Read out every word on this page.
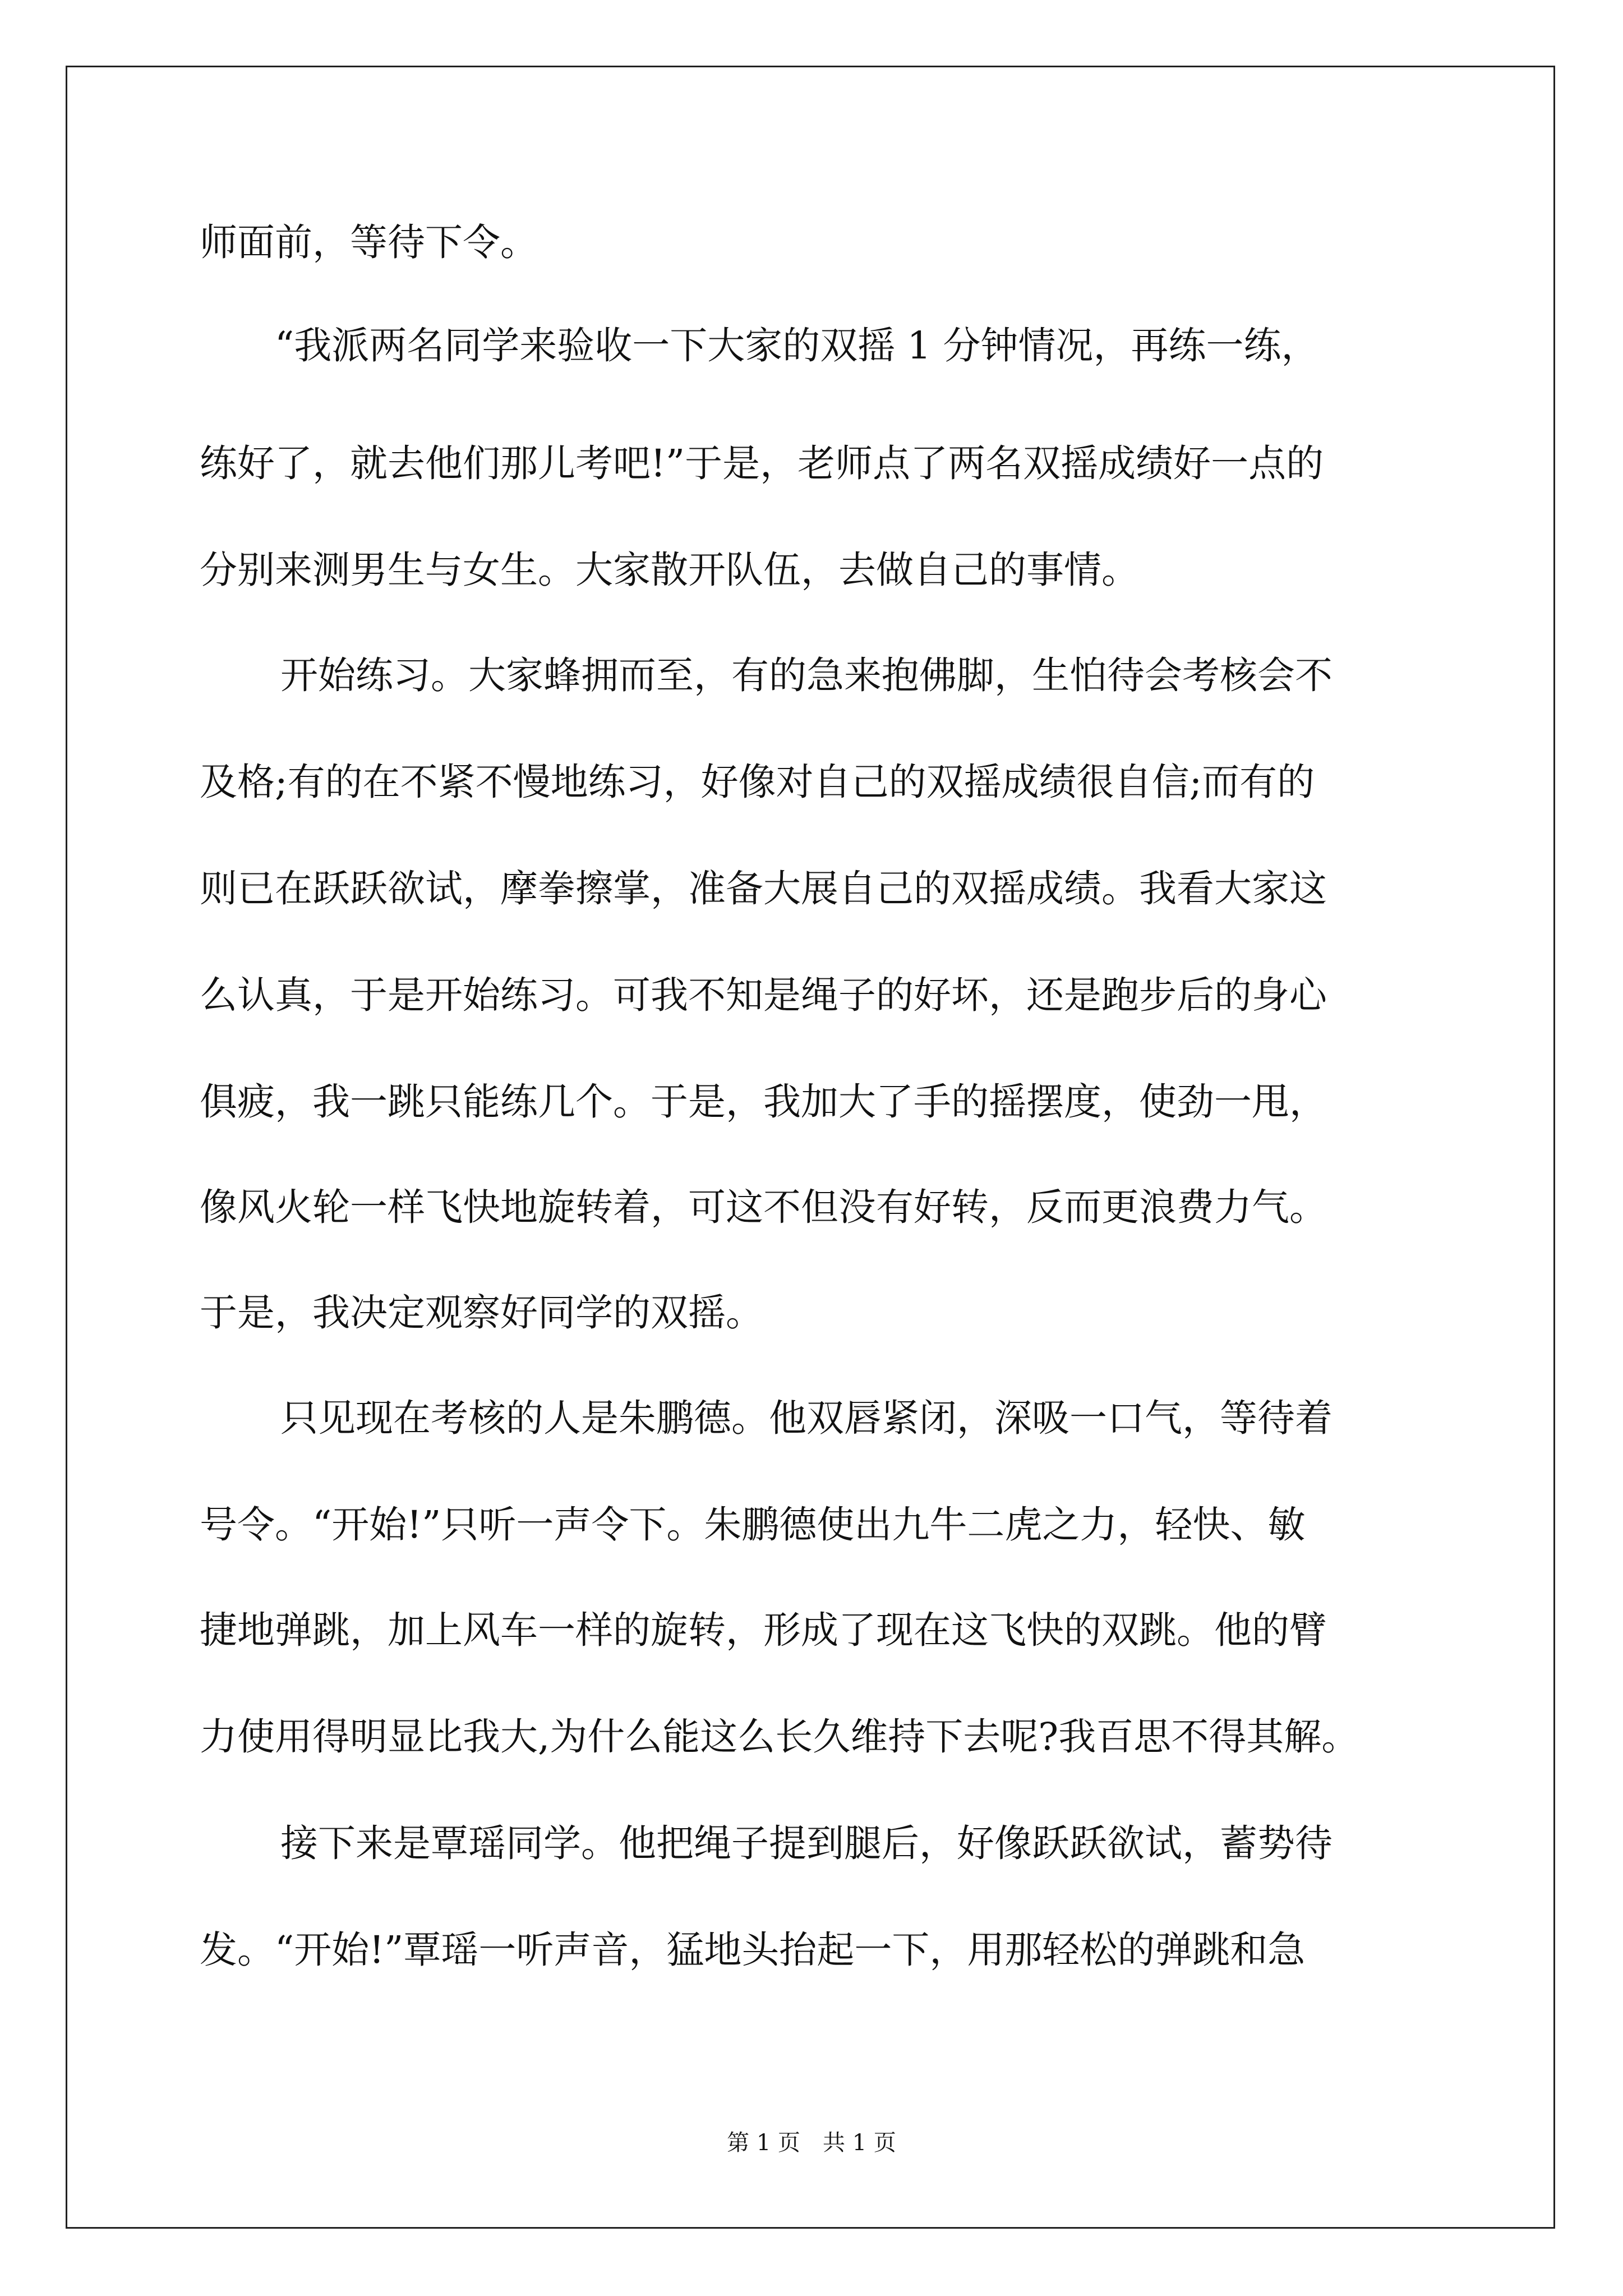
师面前，等待下令。

“我派两名同学来验收一下大家的双摇 1 分钟情况，再练一练，

练好了，就去他们那儿考吧!”于是，老师点了两名双摇成绩好一点的

分别来测男生与女生。大家散开队伍，去做自己的事情。

开始练习。大家蜂拥而至，有的急来抱佛脚，生怕待会考核会不

及格;有的在不紧不慢地练习，好像对自己的双摇成绩很自信;而有的

则已在跃跃欲试，摩拳擦掌，准备大展自己的双摇成绩。我看大家这

么认真，于是开始练习。可我不知是绳子的好坏，还是跑步后的身心

俱疲，我一跳只能练几个。于是，我加大了手的摇摆度，使劲一甩，

像风火轮一样飞快地旋转着，可这不但没有好转，反而更浪费力气。

于是，我决定观察好同学的双摇。

只见现在考核的人是朱鹏德。他双唇紧闭，深吸一口气，等待着

号令。“开始!”只听一声令下。朱鹏德使出九牛二虎之力，轻快、敏

捷地弹跳，加上风车一样的旋转，形成了现在这飞快的双跳。他的臂

力使用得明显比我大,为什么能这么长久维持下去呢?我百思不得其解。

接下来是覃瑶同学。他把绳子提到腿后，好像跃跃欲试，蓄势待

发。“开始!”覃瑶一听声音，猛地头抬起一下，用那轻松的弹跳和急

第 1 页　共 1 页
